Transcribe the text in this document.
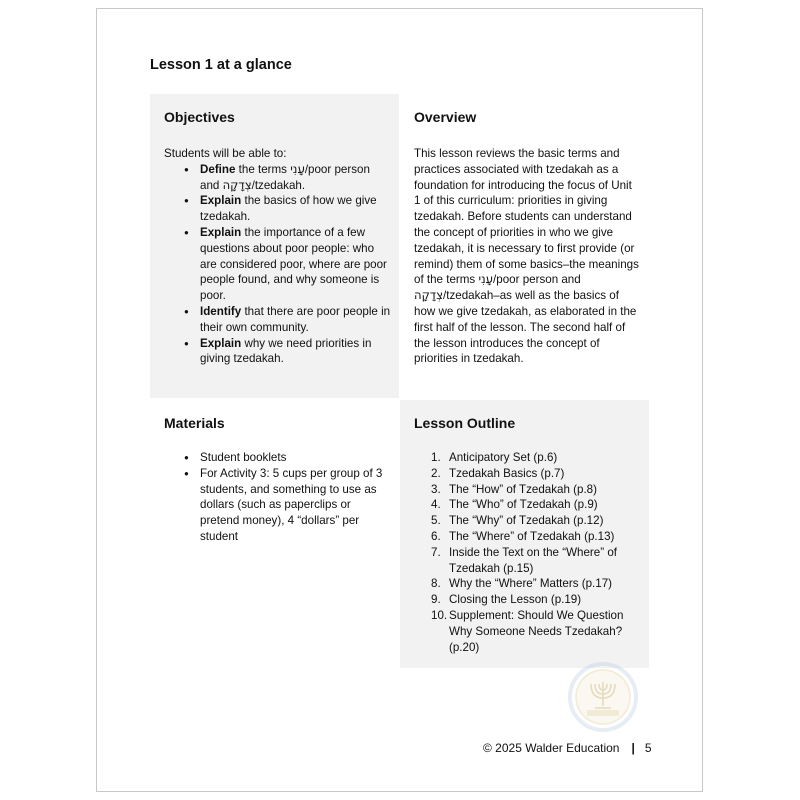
Lesson 1 at a glance
Objectives
Students will be able to:
● Define the terms עָנִי/poor person and צְדָקָה/tzedakah.
● Explain the basics of how we give tzedakah.
● Explain the importance of a few questions about poor people: who are considered poor, where are poor people found, and why someone is poor.
● Identify that there are poor people in their own community.
● Explain why we need priorities in giving tzedakah.
Overview
This lesson reviews the basic terms and practices associated with tzedakah as a foundation for introducing the focus of Unit 1 of this curriculum: priorities in giving tzedakah. Before students can understand the concept of priorities in who we give tzedakah, it is necessary to first provide (or remind) them of some basics–the meanings of the terms עָנִי/poor person and צְדָקָה/tzedakah–as well as the basics of how we give tzedakah, as elaborated in the first half of the lesson. The second half of the lesson introduces the concept of priorities in tzedakah.
Materials
● Student booklets
● For Activity 3: 5 cups per group of 3 students, and something to use as dollars (such as paperclips or pretend money), 4 “dollars” per student
Lesson Outline
1. Anticipatory Set (p.6)
2. Tzedakah Basics (p.7)
3. The “How” of Tzedakah (p.8)
4. The “Who” of Tzedakah (p.9)
5. The “Why” of Tzedakah (p.12)
6. The “Where” of Tzedakah (p.13)
7. Inside the Text on the “Where” of Tzedakah (p.15)
8. Why the “Where” Matters (p.17)
9. Closing the Lesson (p.19)
10. Supplement: Should We Question Why Someone Needs Tzedakah? (p.20)
© 2025 Walder Education | 5
